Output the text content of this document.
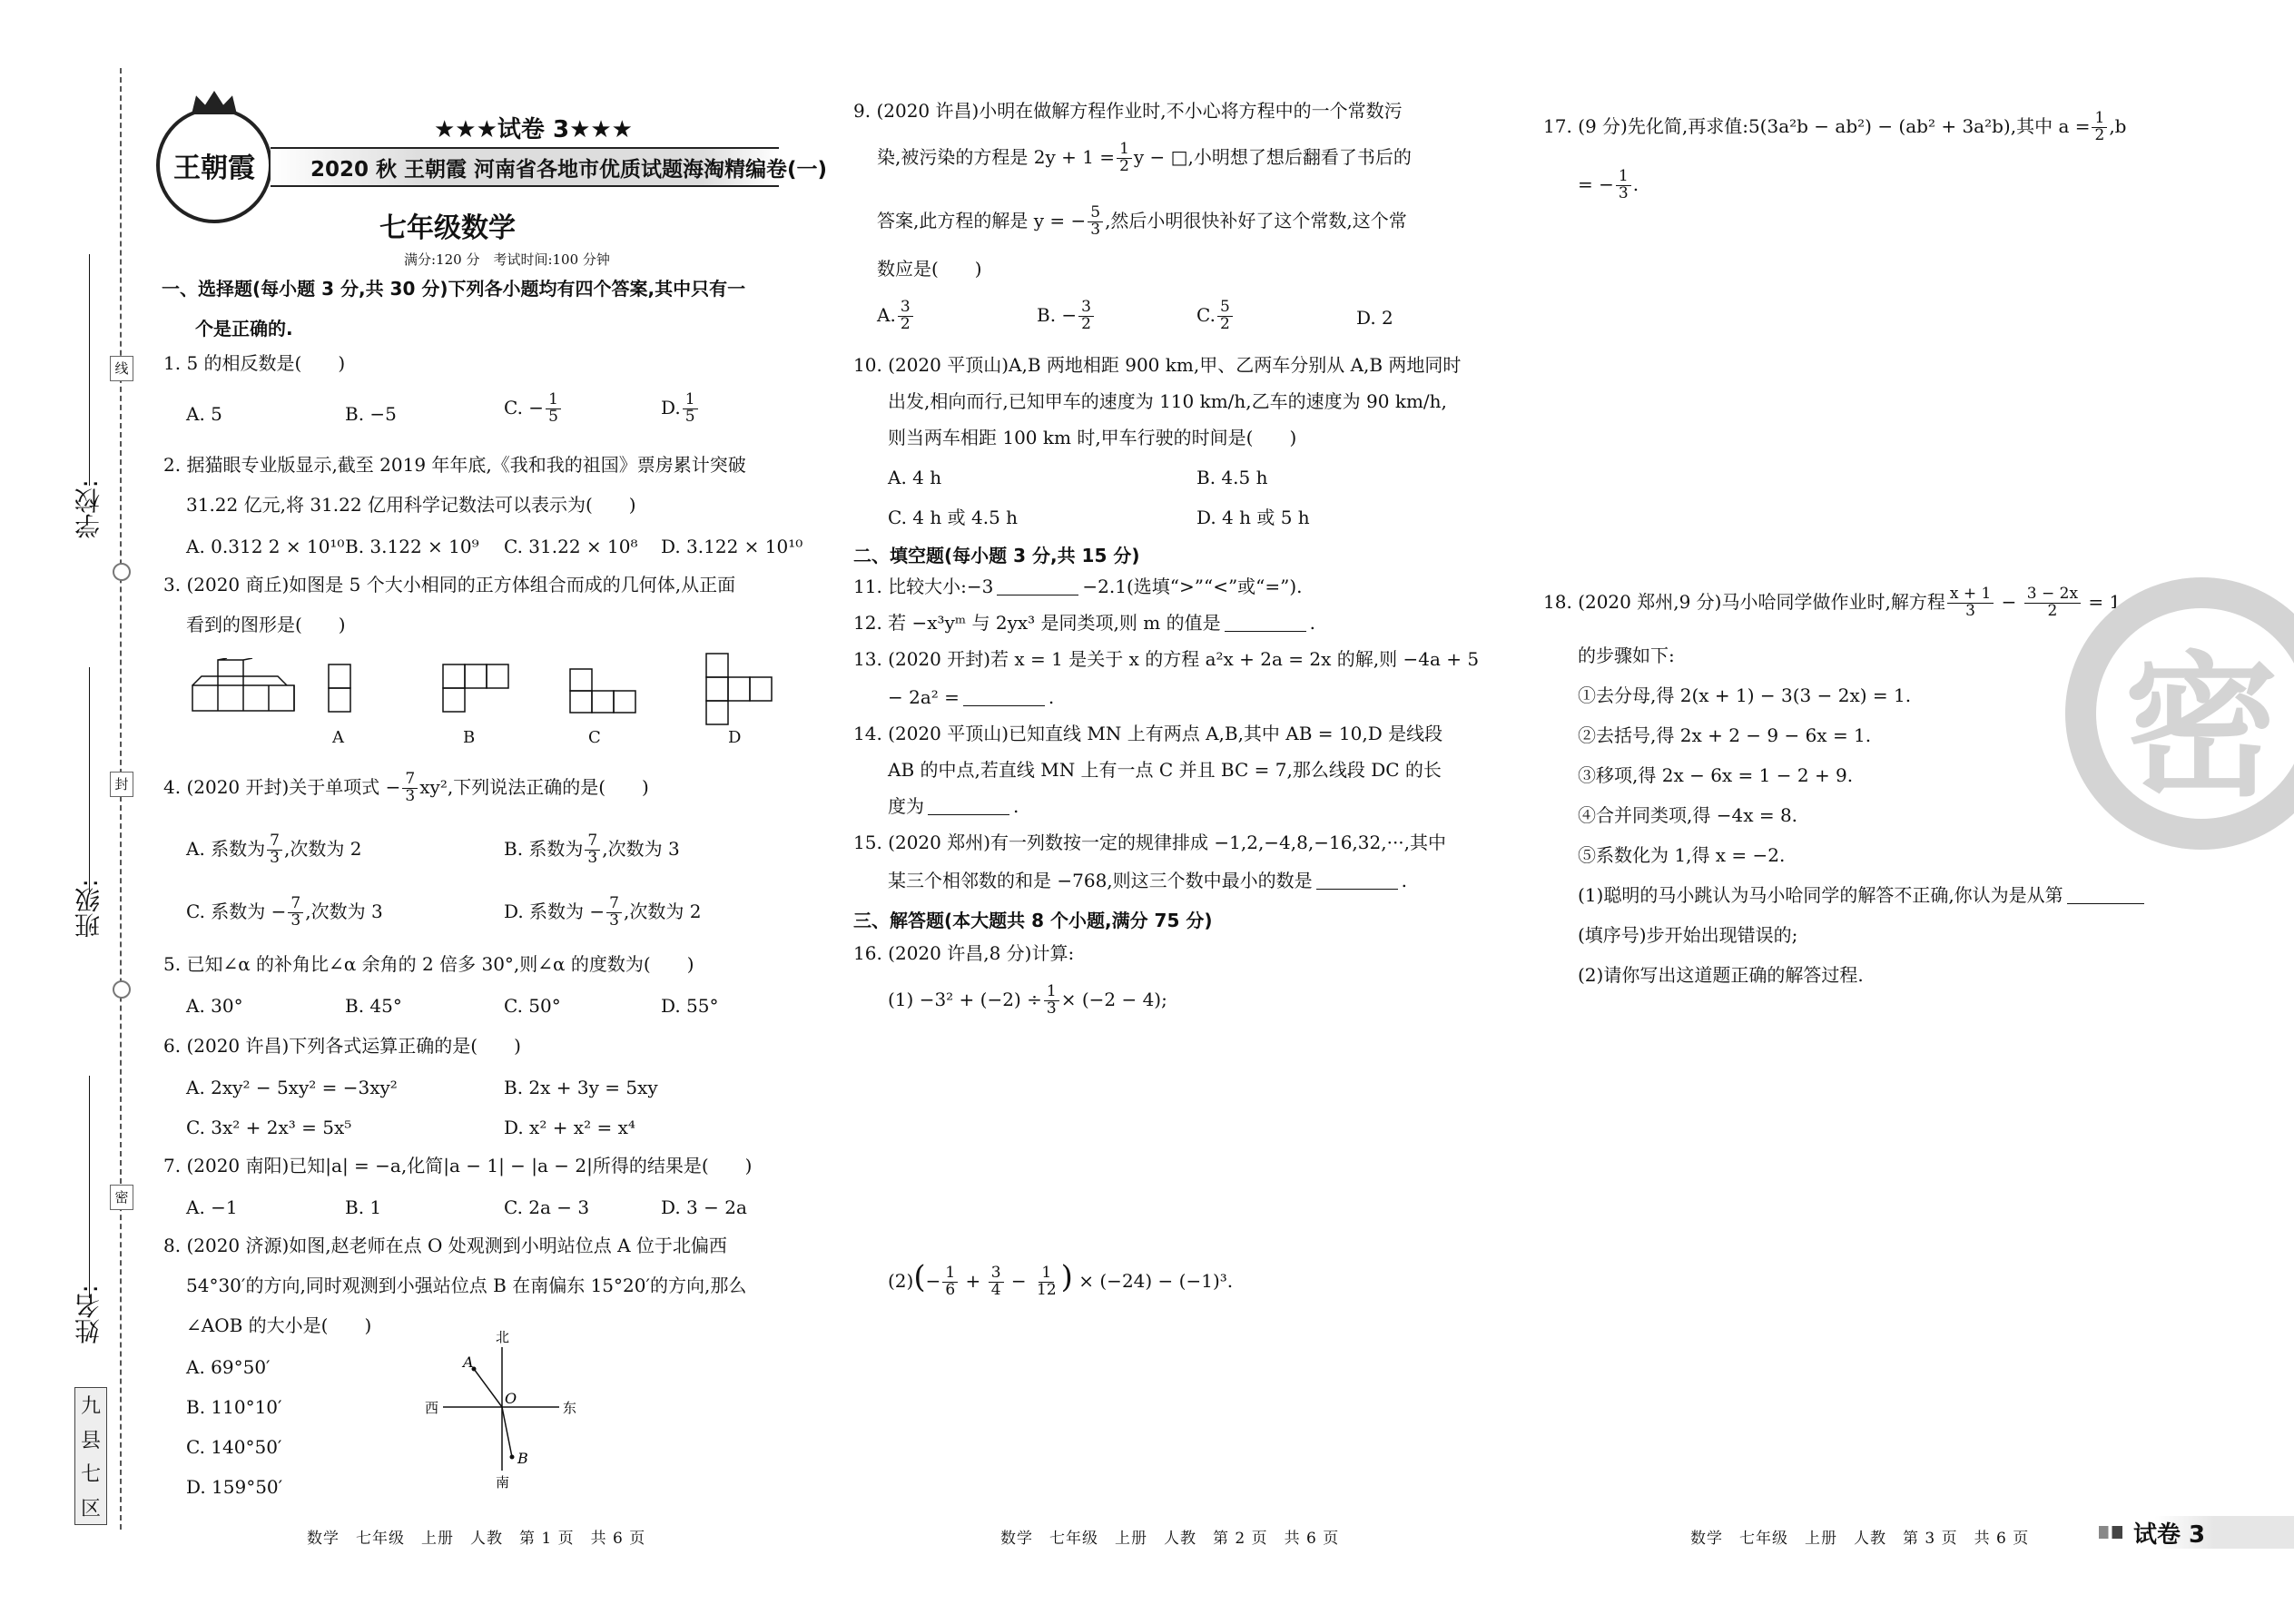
线
封
密
学校:
班级:
姓名:
九
县
七
区
王朝霞
★★★试卷 3★★★
2020 秋 王朝霞 河南省各地市优质试题海淘精编卷(一)
七年级数学
满分:120 分　考试时间:100 分钟
一、选择题(每小题 3 分,共 30 分)下列各小题均有四个答案,其中只有一
个是正确的.
1. 5 的相反数是(　　)
A. 5	B. −5	C. − $\frac{1}{5}$	D. $\frac{1}{5}$
2. 据猫眼专业版显示,截至 2019 年年底,《我和我的祖国》票房累计突破
31.22 亿元,将 31.22 亿用科学记数法可以表示为(　　)
A. 0.312 2 × 10¹⁰ B. 3.122 × 10⁹ C. 31.22 × 10⁸ D. 3.122 × 10¹⁰
3. (2020 商丘)如图是 5 个大小相同的正方体组合而成的几何体,从正面
看到的图形是(　　)
A	B	C	D
4. (2020 开封)关于单项式 − $\frac{7}{3} xy^2$,下列说法正确的是(　　)
A. 系数为 $\frac{7}{3}$ ,次数为 2	B. 系数为 $\frac{7}{3}$ ,次数为 3
C. 系数为 − $\frac{7}{3}$ ,次数为 3	D. 系数为 − $\frac{7}{3}$ ,次数为 2
5. 已知∠α 的补角比∠α 余角的 2 倍多 30°,则∠α 的度数为(　　)
A. 30°	B. 45°	C. 50°	D. 55°
6. (2020 许昌)下列各式运算正确的是(　　)
A. 2xy² − 5xy² = −3xy²	B. 2x + 3y = 5xy
C. 3x² + 2x³ = 5x⁵	D. x² + x² = x⁴
7. (2020 南阳)已知|a| = −a,化简|a − 1| − |a − 2|所得的结果是(　　)
A. −1	B. 1	C. 2a − 3	D. 3 − 2a
8. (2020 济源)如图,赵老师在点 O 处观测到小明站位点 A 位于北偏西
54°30′的方向,同时观测到小强站位点 B 在南偏东 15°20′的方向,那么
∠AOB 的大小是(　　)
A. 69°50′
B. 110°10′
C. 140°50′
D. 159°50′
北
南
西	东
A
B
O
数学　七年级　上册　人教　第 1 页　共 6 页
9. (2020 许昌)小明在做解方程作业时,不小心将方程中的一个常数污
染,被污染的方程是 $2y + 1 = \frac{1}{2}$ y − □,小明想了想后翻看了书后的
答案,此方程的解是 y = − $\frac{5}{3}$ ,然后小明很快补好了这个常数,这个常
数应是(　　)
A. $\frac{3}{2}$	B. − $\frac{3}{2}$	C. $\frac{5}{2}$	D. 2
10. (2020 平顶山)A,B 两地相距 900 km,甲、乙两车分别从 A,B 两地同时
出发,相向而行,已知甲车的速度为 110 km/h,乙车的速度为 90 km/h,
则当两车相距 100 km 时,甲车行驶的时间是(　　)
A. 4 h	B. 4.5 h
C. 4 h 或 4.5 h	D. 4 h 或 5 h
二、填空题(每小题 3 分,共 15 分)
11. 比较大小:−3	−2.1(选填“>”“<”或“=”).
12. 若 −x³yᵐ 与 2yx³ 是同类项,则 m 的值是	.
13. (2020 开封)若 x = 1 是关于 x 的方程 a²x + 2a = 2x 的解,则 −4a + 5
− 2a² =	.
14. (2020 平顶山)已知直线 MN 上有两点 A,B,其中 AB = 10,D 是线段
AB 的中点,若直线 MN 上有一点 C 并且 BC = 7,那么线段 DC 的长
度为	.
15. (2020 郑州)有一列数按一定的规律排成 −1,2,−4,8,−16,32,···,其中
某三个相邻数的和是 −768,则这三个数中最小的数是	.
三、解答题(本大题共 8 个小题,满分 75 分)
16. (2020 许昌,8 分)计算:
$(1) -3^2 + (-2) \div \frac{1}{3} \times (-2 - 4)$;
$(2)(- \frac{1}{6} + \frac{3}{4} - \frac{1}{12}$ ) × (−24) − (−1)³.
数学　七年级　上册　人教　第 2 页　共 6 页
17. (9 分)先化简,再求值:5(3a²b − ab²) − (ab² + 3a²b),其中 $a = \frac{1}{2} ,b$
= − $\frac{1}{3}$ .
18. (2020 郑州,9 分)马小哈同学做作业时,解方程 $\frac{x + 1}{3} - \frac{3 - 2x}{2} = 1$
的步骤如下:
①去分母,得 2(x + 1) − 3(3 − 2x) = 1.
②去括号,得 2x + 2 − 9 − 6x = 1.
③移项,得 2x − 6x = 1 − 2 + 9.
④合并同类项,得 −4x = 8.
⑤系数化为 1,得 x = −2.
(1)聪明的马小跳认为马小哈同学的解答不正确,你认为是从第
(填序号)步开始出现错误的;
(2)请你写出这道题正确的解答过程.
密
数学　七年级　上册　人教　第 3 页　共 6 页	试卷 3
